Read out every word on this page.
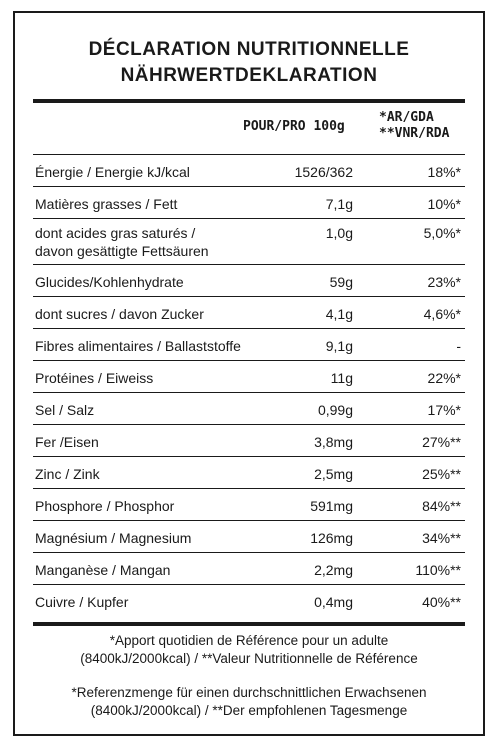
DÉCLARATION NUTRITIONNELLE
NÄHRWERTDEKLARATION
POUR/PRO 100g
*AR/GDA
**VNR/RDA
Énergie / Energie kJ/kcal	1526/362	18%*
Matières grasses / Fett	7,1g	10%*
dont acides gras saturés /
davon gesättigte Fettsäuren
1,0g	5,0%*
Glucides/Kohlenhydrate	59g	23%*
dont sucres / davon Zucker	4,1g	4,6%*
Fibres alimentaires / Ballaststoffe	9,1g	-
Protéines / Eiweiss	11g	22%*
Sel / Salz	0,99g	17%*
Fer /Eisen	3,8mg	27%**
Zinc / Zink	2,5mg	25%**
Phosphore / Phosphor	591mg	84%**
Magnésium / Magnesium	126mg	34%**
Manganèse / Mangan	2,2mg	110%**
Cuivre / Kupfer	0,4mg	40%**
*Apport quotidien de Référence pour un adulte
(8400kJ/2000kcal) / **Valeur Nutritionnelle de Référence
*Referenzmenge für einen durchschnittlichen Erwachsenen
(8400kJ/2000kcal) / **Der empfohlenen Tagesmenge
